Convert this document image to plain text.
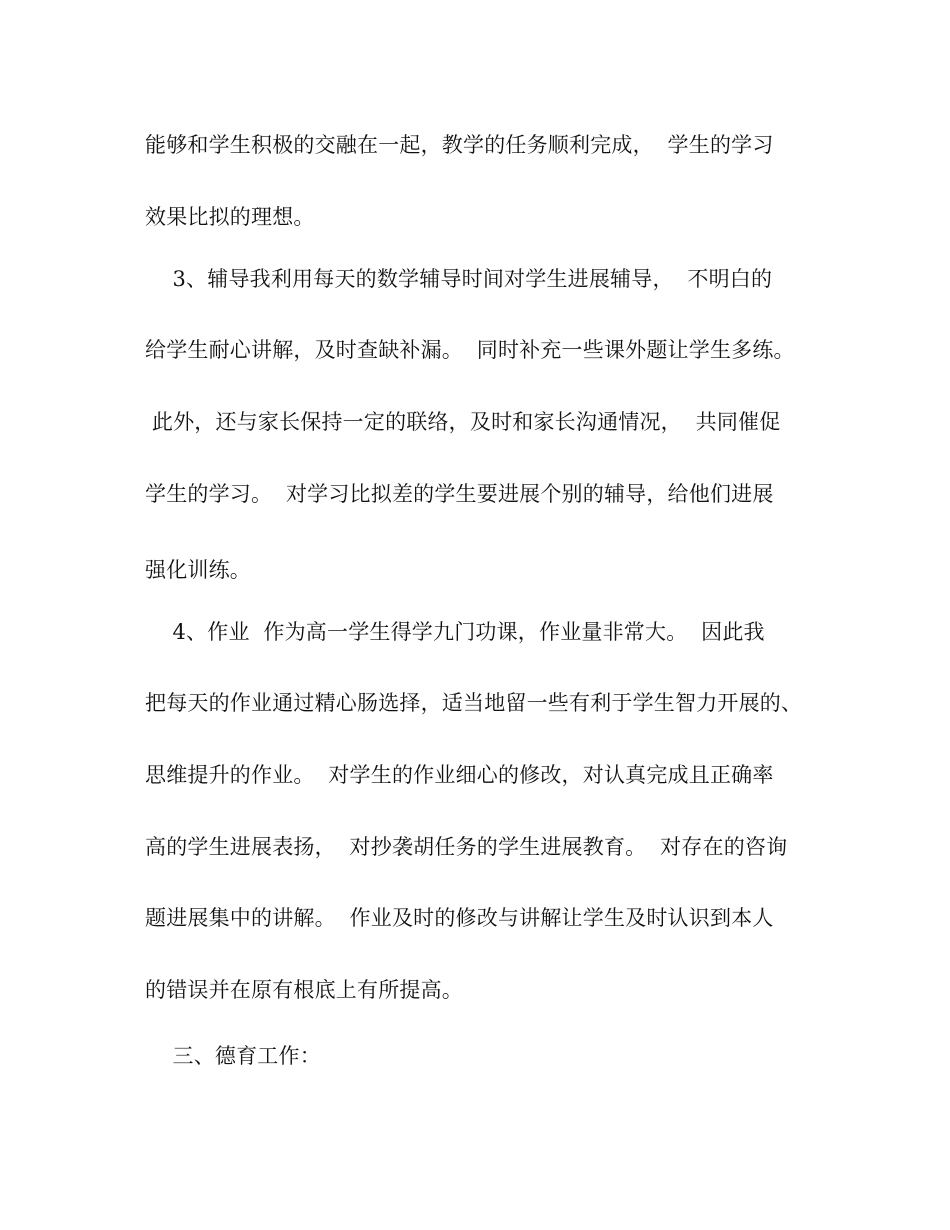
能够和学生积极的交融在一起，教学的任务顺利完成，  学生的学习
效果比拟的理想。
3、辅导我利用每天的数学辅导时间对学生进展辅导，  不明白的
给学生耐心讲解，及时查缺补漏。  同时补充一些课外题让学生多练。
此外，还与家长保持一定的联络，及时和家长沟通情况，  共同催促
学生的学习。  对学习比拟差的学生要进展个别的辅导，给他们进展
强化训练。
4、作业  作为高一学生得学九门功课，作业量非常大。  因此我
把每天的作业通过精心肠选择，适当地留一些有利于学生智力开展的、
思维提升的作业。  对学生的作业细心的修改，对认真完成且正确率
高的学生进展表扬，  对抄袭胡任务的学生进展教育。  对存在的咨询
题进展集中的讲解。  作业及时的修改与讲解让学生及时认识到本人
的错误并在原有根底上有所提高。
三、德育工作：
